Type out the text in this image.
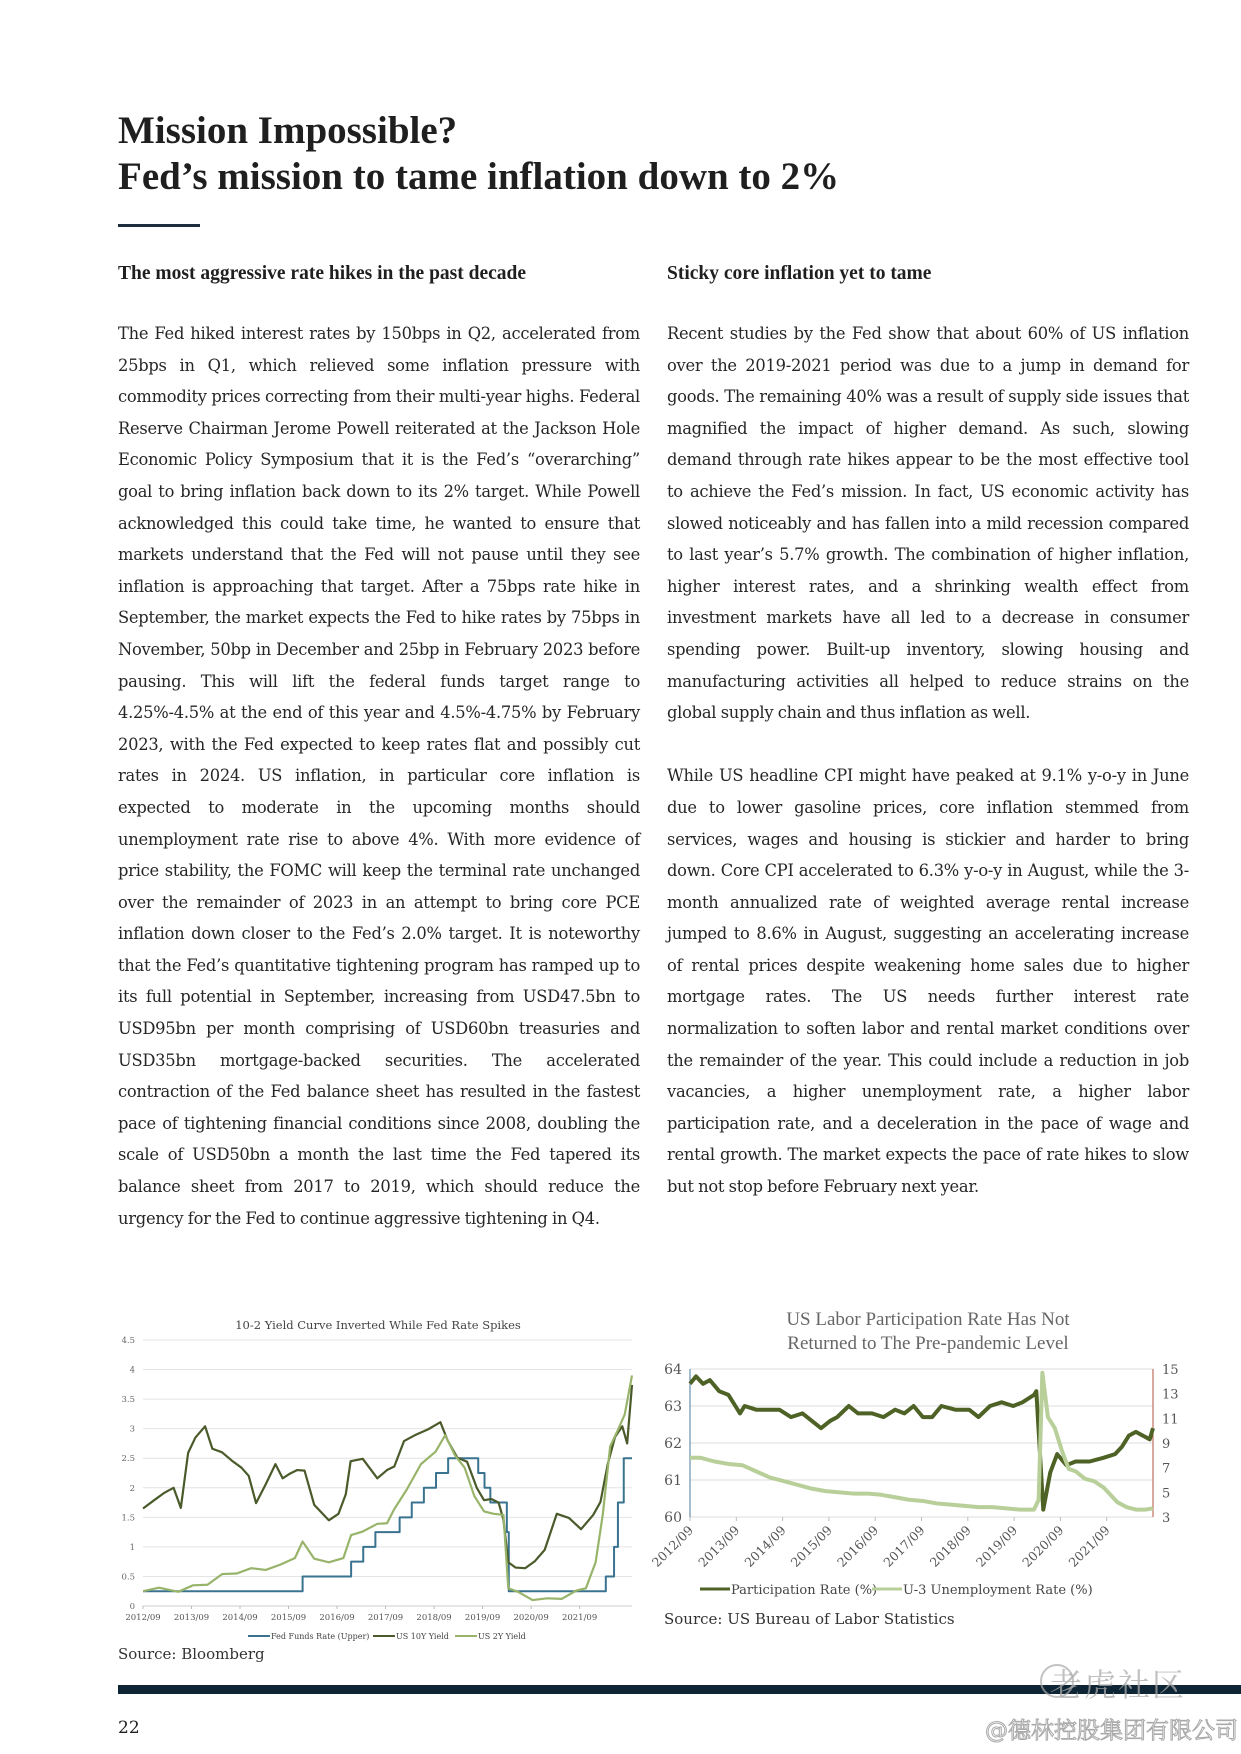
Mission Impossible?
Fed’s mission to tame inflation down to 2%
The most aggressive rate hikes in the past decade

The Fed hiked interest rates by 150bps in Q2, accelerated from 25bps in Q1, which relieved some inflation pressure with commodity prices correcting from their multi-year highs. Federal Reserve Chairman Jerome Powell reiterated at the Jackson Hole Economic Policy Symposium that it is the Fed’s “overarching” goal to bring inflation back down to its 2% target. While Powell acknowledged this could take time, he wanted to ensure that markets understand that the Fed will not pause until they see inflation is approaching that target. After a 75bps rate hike in September, the market expects the Fed to hike rates by 75bps in November, 50bp in December and 25bp in February 2023 before pausing. This will lift the federal funds target range to 4.25%-4.5% at the end of this year and 4.5%-4.75% by February 2023, with the Fed expected to keep rates flat and possibly cut rates in 2024. US inflation, in particular core inflation is expected to moderate in the upcoming months should unemployment rate rise to above 4%. With more evidence of price stability, the FOMC will keep the terminal rate unchanged over the remainder of 2023 in an attempt to bring core PCE inflation down closer to the Fed’s 2.0% target. It is noteworthy that the Fed’s quantitative tightening program has ramped up to its full potential in September, increasing from USD47.5bn to USD95bn per month comprising of USD60bn treasuries and USD35bn mortgage-backed securities. The accelerated contraction of the Fed balance sheet has resulted in the fastest pace of tightening financial conditions since 2008, doubling the scale of USD50bn a month the last time the Fed tapered its balance sheet from 2017 to 2019, which should reduce the urgency for the Fed to continue aggressive tightening in Q4.

Sticky core inflation yet to tame

Recent studies by the Fed show that about 60% of US inflation over the 2019-2021 period was due to a jump in demand for goods. The remaining 40% was a result of supply side issues that magnified the impact of higher demand. As such, slowing demand through rate hikes appear to be the most effective tool to achieve the Fed’s mission. In fact, US economic activity has slowed noticeably and has fallen into a mild recession compared to last year’s 5.7% growth. The combination of higher inflation, higher interest rates, and a shrinking wealth effect from investment markets have all led to a decrease in consumer spending power. Built-up inventory, slowing housing and manufacturing activities all helped to reduce strains on the global supply chain and thus inflation as well.

While US headline CPI might have peaked at 9.1% y-o-y in June due to lower gasoline prices, core inflation stemmed from services, wages and housing is stickier and harder to bring down. Core CPI accelerated to 6.3% y-o-y in August, while the 3-month annualized rate of weighted average rental increase jumped to 8.6% in August, suggesting an accelerating increase of rental prices despite weakening home sales due to higher mortgage rates. The US needs further interest rate normalization to soften labor and rental market conditions over the remainder of the year. This could include a reduction in job vacancies, a higher unemployment rate, a higher labor participation rate, and a deceleration in the pace of wage and rental growth. The market expects the pace of rate hikes to slow but not stop before February next year.

10-2 Yield Curve Inverted While Fed Rate Spikes
0
0.5
1
1.5
2
2.5
3
3.5
4
4.5
2012/09 2013/09 2014/09 2015/09 2016/09 2017/09 2018/09 2019/09 2020/09 2021/09
Fed Funds Rate (Upper)	US 10Y Yield	US 2Y Yield
US Labor Participation Rate Has Not
Returned to The Pre-pandemic Level
60
61
62
63
64
3
5
7
9
11
13
15
2012/09
2013/09
2014/09
2015/09
2016/09
2017/09
2018/09
2019/09
2020/09
2021/09
Participation Rate (%) U-3 Unemployment Rate (%)
Source: Bloomberg
Source: US Bureau of Labor Statistics
22
老虎社区
@德林控股集团有限公司
